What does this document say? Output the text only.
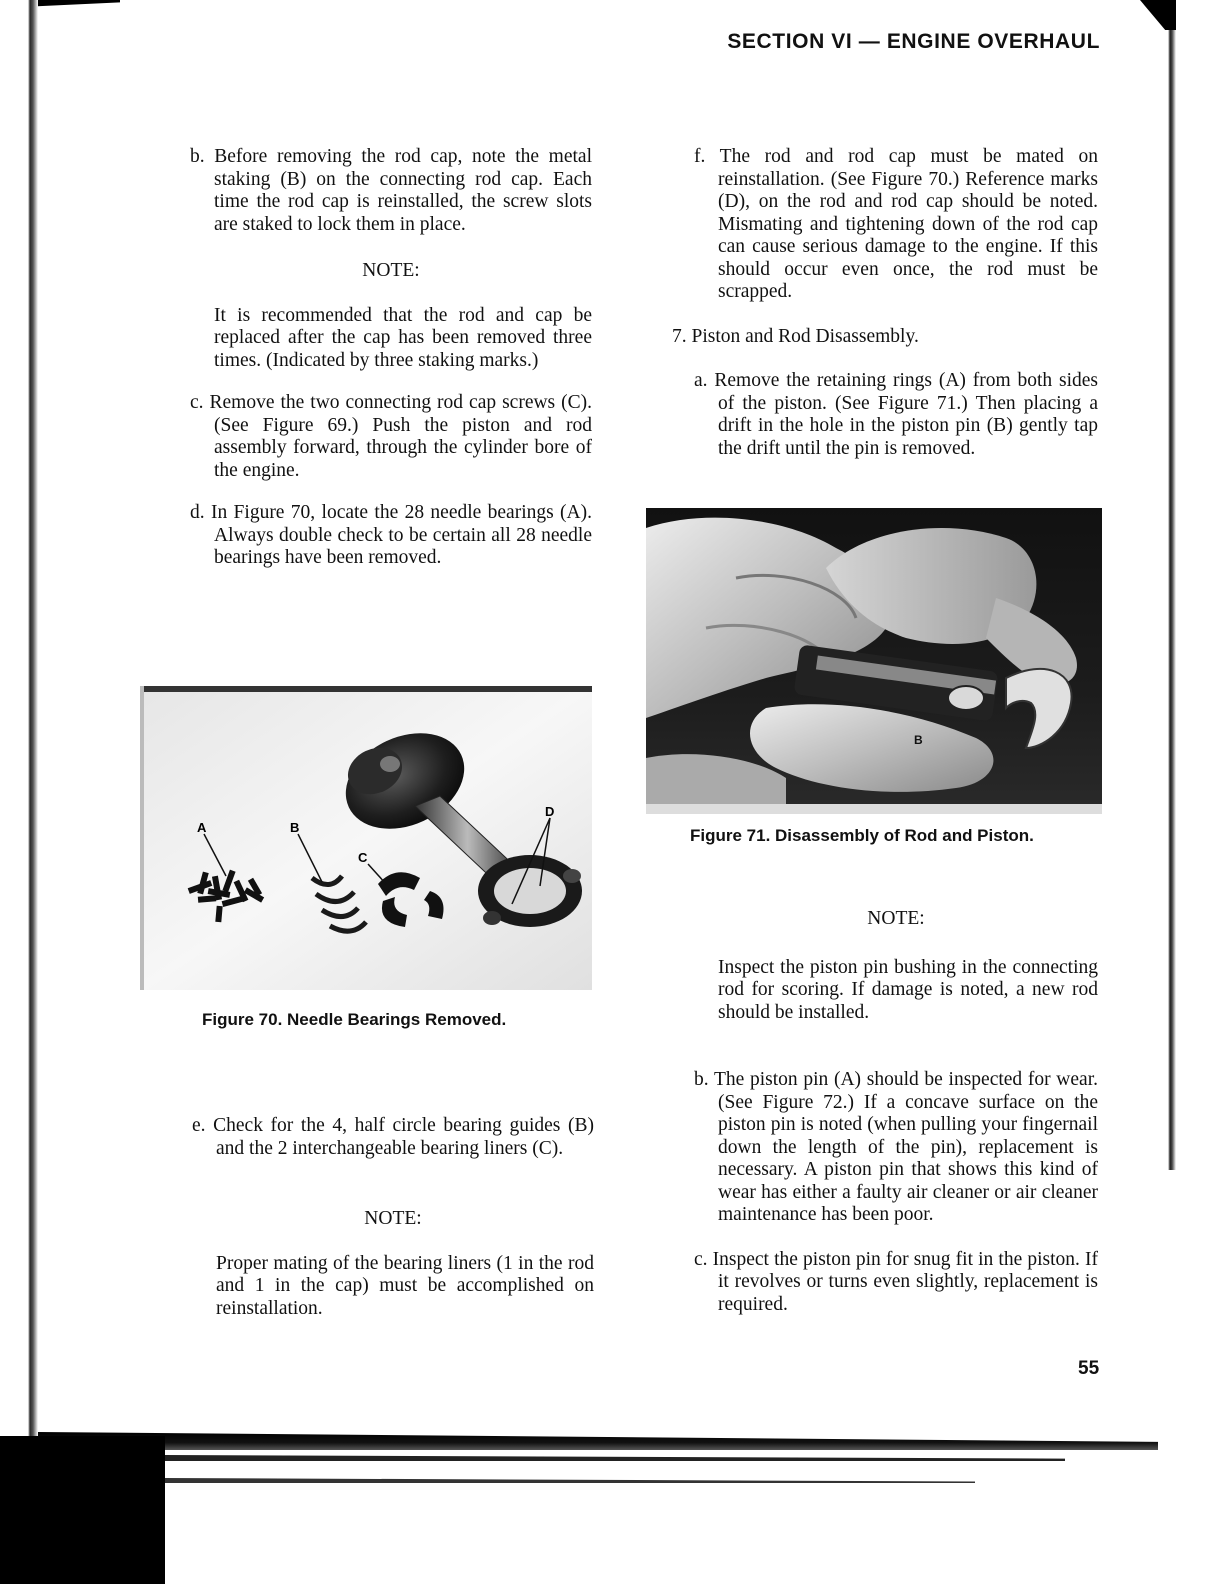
SECTION VI — ENGINE OVERHAUL

b. Before removing the rod cap, note the metal staking (B) on the connecting rod cap. Each time the rod cap is reinstalled, the screw slots are staked to lock them in place.

NOTE:

It is recommended that the rod and cap be replaced after the cap has been removed three times. (Indicated by three staking marks.)

c. Remove the two connecting rod cap screws (C). (See Figure 69.) Push the piston and rod assembly forward, through the cylinder bore of the engine.

d. In Figure 70, locate the 28 needle bearings (A). Always double check to be certain all 28 needle bearings have been removed.

A	B
C
D

Figure 70. Needle Bearings Removed.

e. Check for the 4, half circle bearing guides (B) and the 2 interchangeable bearing liners (C).

NOTE:

Proper mating of the bearing liners (1 in the rod and 1 in the cap) must be accomplished on reinstallation.

f. The rod and rod cap must be mated on reinstallation. (See Figure 70.) Reference marks (D), on the rod and rod cap should be noted. Mismating and tightening down of the rod cap can cause serious damage to the engine. If this should occur even once, the rod must be scrapped.

7. Piston and Rod Disassembly.

a. Remove the retaining rings (A) from both sides of the piston. (See Figure 71.) Then placing a drift in the hole in the piston pin (B) gently tap the drift until the pin is removed.

B

Figure 71. Disassembly of Rod and Piston.

NOTE:

Inspect the piston pin bushing in the connecting rod for scoring. If damage is noted, a new rod should be installed.

b. The piston pin (A) should be inspected for wear. (See Figure 72.) If a concave surface on the piston pin is noted (when pulling your fingernail down the length of the pin), replacement is necessary. A piston pin that shows this kind of wear has either a faulty air cleaner or air cleaner maintenance has been poor.

c. Inspect the piston pin for snug fit in the piston. If it revolves or turns even slightly, replacement is required.

55
